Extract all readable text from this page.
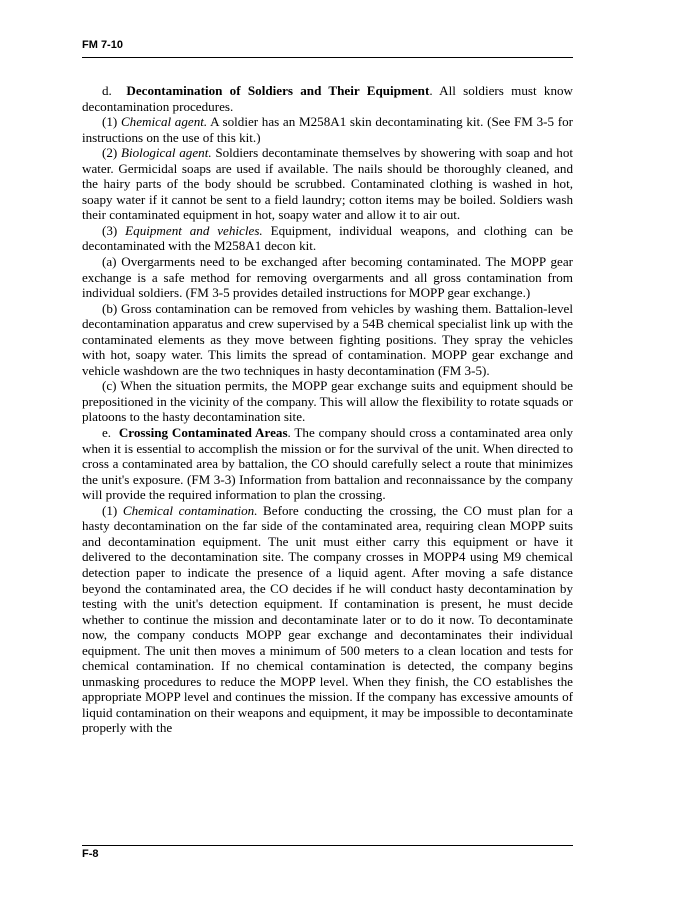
FM 7-10

d. Decontamination of Soldiers and Their Equipment. All soldiers must know decontamination procedures.

(1) Chemical agent. A soldier has an M258A1 skin decontaminating kit. (See FM 3-5 for instructions on the use of this kit.)

(2) Biological agent. Soldiers decontaminate themselves by showering with soap and hot water. Germicidal soaps are used if available. The nails should be thoroughly cleaned, and the hairy parts of the body should be scrubbed. Contaminated clothing is washed in hot, soapy water if it cannot be sent to a field laundry; cotton items may be boiled. Soldiers wash their contaminated equipment in hot, soapy water and allow it to air out.

(3) Equipment and vehicles. Equipment, individual weapons, and clothing can be decontaminated with the M258A1 decon kit.

(a) Overgarments need to be exchanged after becoming contaminated. The MOPP gear exchange is a safe method for removing overgarments and all gross contamination from individual soldiers. (FM 3-5 provides detailed instructions for MOPP gear exchange.)

(b) Gross contamination can be removed from vehicles by washing them. Battalion-level decontamination apparatus and crew supervised by a 54B chemical specialist link up with the contaminated elements as they move between fighting positions. They spray the vehicles with hot, soapy water. This limits the spread of contamination. MOPP gear exchange and vehicle washdown are the two techniques in hasty decontamination (FM 3-5).

(c) When the situation permits, the MOPP gear exchange suits and equipment should be prepositioned in the vicinity of the company. This will allow the flexibility to rotate squads or platoons to the hasty decontamination site.

e. Crossing Contaminated Areas. The company should cross a contaminated area only when it is essential to accomplish the mission or for the survival of the unit. When directed to cross a contaminated area by battalion, the CO should carefully select a route that minimizes the unit's exposure. (FM 3-3) Information from battalion and reconnaissance by the company will provide the required information to plan the crossing.

(1) Chemical contamination. Before conducting the crossing, the CO must plan for a hasty decontamination on the far side of the contaminated area, requiring clean MOPP suits and decontamination equipment. The unit must either carry this equipment or have it delivered to the decontamination site. The company crosses in MOPP4 using M9 chemical detection paper to indicate the presence of a liquid agent. After moving a safe distance beyond the contaminated area, the CO decides if he will conduct hasty decontamination by testing with the unit's detection equipment. If contamination is present, he must decide whether to continue the mission and decontaminate later or to do it now. To decontaminate now, the company conducts MOPP gear exchange and decontaminates their individual equipment. The unit then moves a minimum of 500 meters to a clean location and tests for chemical contamination. If no chemical contamination is detected, the company begins unmasking procedures to reduce the MOPP level. When they finish, the CO establishes the appropriate MOPP level and continues the mission. If the company has excessive amounts of liquid contamination on their weapons and equipment, it may be impossible to decontaminate properly with the

F-8
